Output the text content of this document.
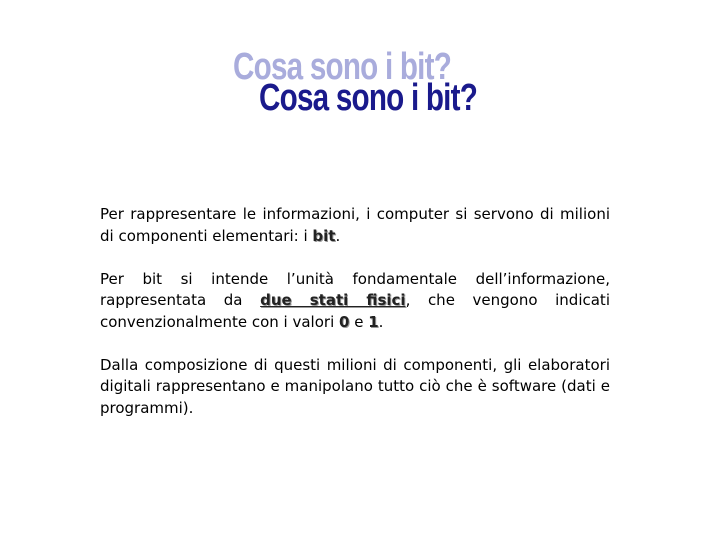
Cosa sono i bit?
Cosa sono i bit?

Per rappresentare le informazioni, i computer si servono di milioni di componenti elementari: i bit.

Per bit si intende l’unità fondamentale dell’informazione, rappresentata da due stati fisici, che vengono indicati convenzionalmente con i valori 0 e 1.

Dalla composizione di questi milioni di componenti, gli elaboratori digitali rappresentano e manipolano tutto ciò che è software (dati e programmi).
